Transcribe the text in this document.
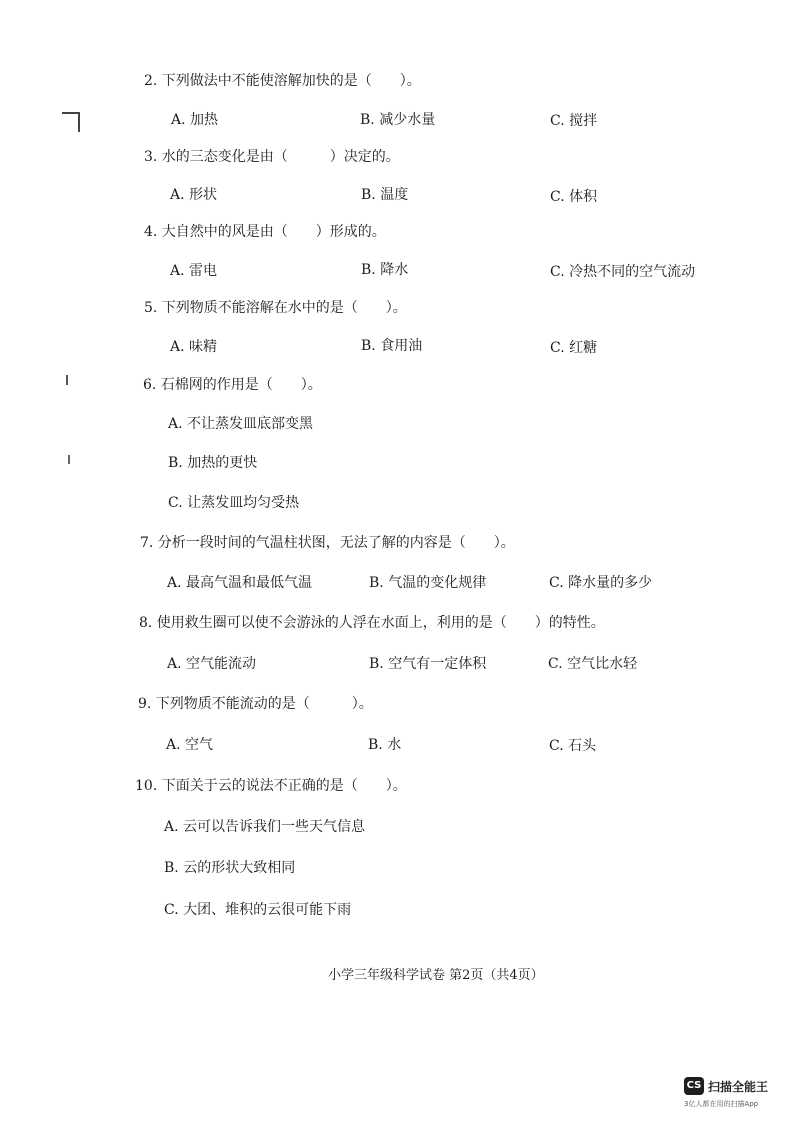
2. 下列做法中不能使溶解加快的是（　　）。
A. 加热	B. 减少水量	C. 搅拌
3. 水的三态变化是由（　　　）决定的。
A. 形状	B. 温度	C. 体积
4. 大自然中的风是由（　　）形成的。
A. 雷电	B. 降水	C. 冷热不同的空气流动
5. 下列物质不能溶解在水中的是（　　）。
A. 味精	B. 食用油	C. 红糖
6. 石棉网的作用是（　　）。
A. 不让蒸发皿底部变黑
B. 加热的更快
C. 让蒸发皿均匀受热
7. 分析一段时间的气温柱状图，无法了解的内容是（　　）。
A. 最高气温和最低气温	B. 气温的变化规律	C. 降水量的多少
8. 使用救生圈可以使不会游泳的人浮在水面上，利用的是（　　）的特性。
A. 空气能流动	B. 空气有一定体积	C. 空气比水轻
9. 下列物质不能流动的是（　　　）。
A. 空气	B. 水	C. 石头
10. 下面关于云的说法不正确的是（　　）。
A. 云可以告诉我们一些天气信息
B. 云的形状大致相同
C. 大团、堆积的云很可能下雨
小学三年级科学试卷 第2页（共4页）
CS 扫描全能王
3亿人都在用的扫描App
